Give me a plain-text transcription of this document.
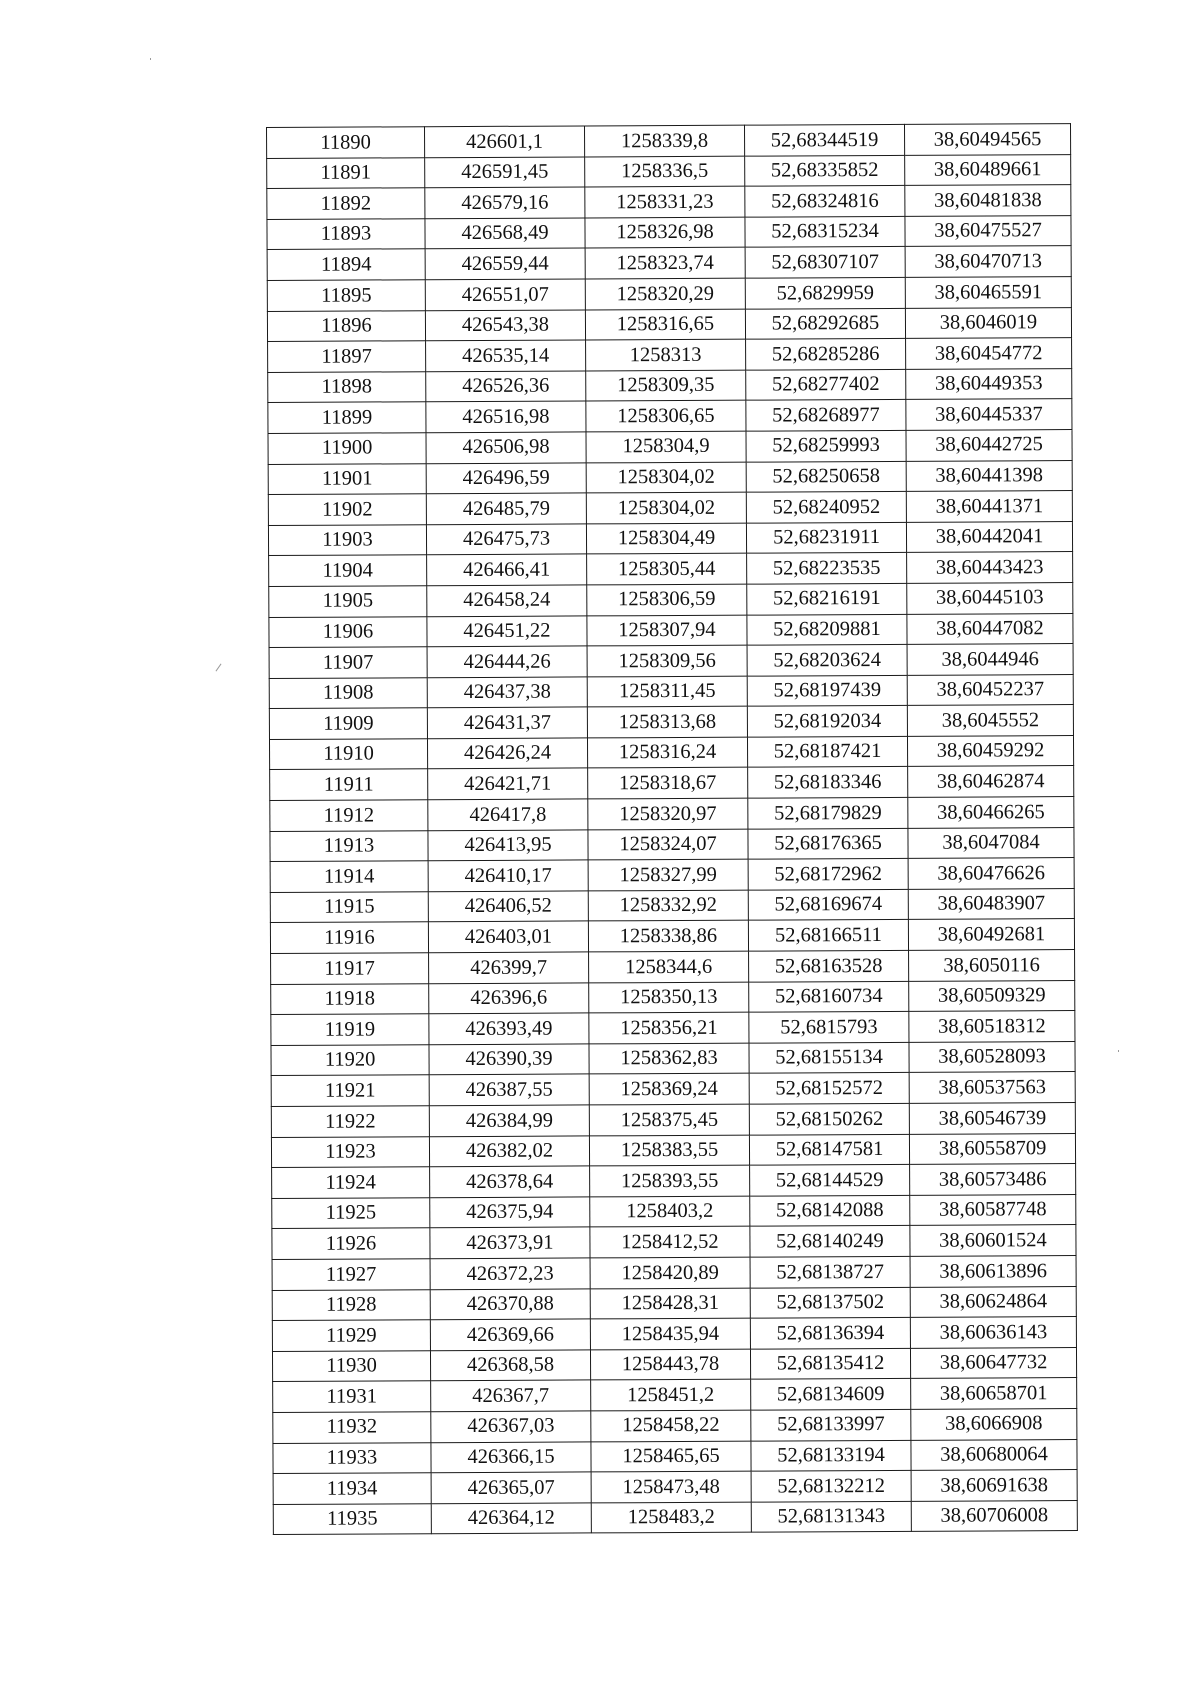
11890	426601,1	1258339,8	52,68344519	38,60494565
11891	426591,45	1258336,5	52,68335852	38,60489661
11892	426579,16	1258331,23	52,68324816	38,60481838
11893	426568,49	1258326,98	52,68315234	38,60475527
11894	426559,44	1258323,74	52,68307107	38,60470713
11895	426551,07	1258320,29	52,6829959	38,60465591
11896	426543,38	1258316,65	52,68292685	38,6046019
11897	426535,14	1258313	52,68285286	38,60454772
11898	426526,36	1258309,35	52,68277402	38,60449353
11899	426516,98	1258306,65	52,68268977	38,60445337
11900	426506,98	1258304,9	52,68259993	38,60442725
11901	426496,59	1258304,02	52,68250658	38,60441398
11902	426485,79	1258304,02	52,68240952	38,60441371
11903	426475,73	1258304,49	52,68231911	38,60442041
11904	426466,41	1258305,44	52,68223535	38,60443423
11905	426458,24	1258306,59	52,68216191	38,60445103
11906	426451,22	1258307,94	52,68209881	38,60447082
11907	426444,26	1258309,56	52,68203624	38,6044946
11908	426437,38	1258311,45	52,68197439	38,60452237
11909	426431,37	1258313,68	52,68192034	38,6045552
11910	426426,24	1258316,24	52,68187421	38,60459292
11911	426421,71	1258318,67	52,68183346	38,60462874
11912	426417,8	1258320,97	52,68179829	38,60466265
11913	426413,95	1258324,07	52,68176365	38,6047084
11914	426410,17	1258327,99	52,68172962	38,60476626
11915	426406,52	1258332,92	52,68169674	38,60483907
11916	426403,01	1258338,86	52,68166511	38,60492681
11917	426399,7	1258344,6	52,68163528	38,6050116
11918	426396,6	1258350,13	52,68160734	38,60509329
11919	426393,49	1258356,21	52,6815793	38,60518312
11920	426390,39	1258362,83	52,68155134	38,60528093
11921	426387,55	1258369,24	52,68152572	38,60537563
11922	426384,99	1258375,45	52,68150262	38,60546739
11923	426382,02	1258383,55	52,68147581	38,60558709
11924	426378,64	1258393,55	52,68144529	38,60573486
11925	426375,94	1258403,2	52,68142088	38,60587748
11926	426373,91	1258412,52	52,68140249	38,60601524
11927	426372,23	1258420,89	52,68138727	38,60613896
11928	426370,88	1258428,31	52,68137502	38,60624864
11929	426369,66	1258435,94	52,68136394	38,60636143
11930	426368,58	1258443,78	52,68135412	38,60647732
11931	426367,7	1258451,2	52,68134609	38,60658701
11932	426367,03	1258458,22	52,68133997	38,6066908
11933	426366,15	1258465,65	52,68133194	38,60680064
11934	426365,07	1258473,48	52,68132212	38,60691638
11935	426364,12	1258483,2	52,68131343	38,60706008
